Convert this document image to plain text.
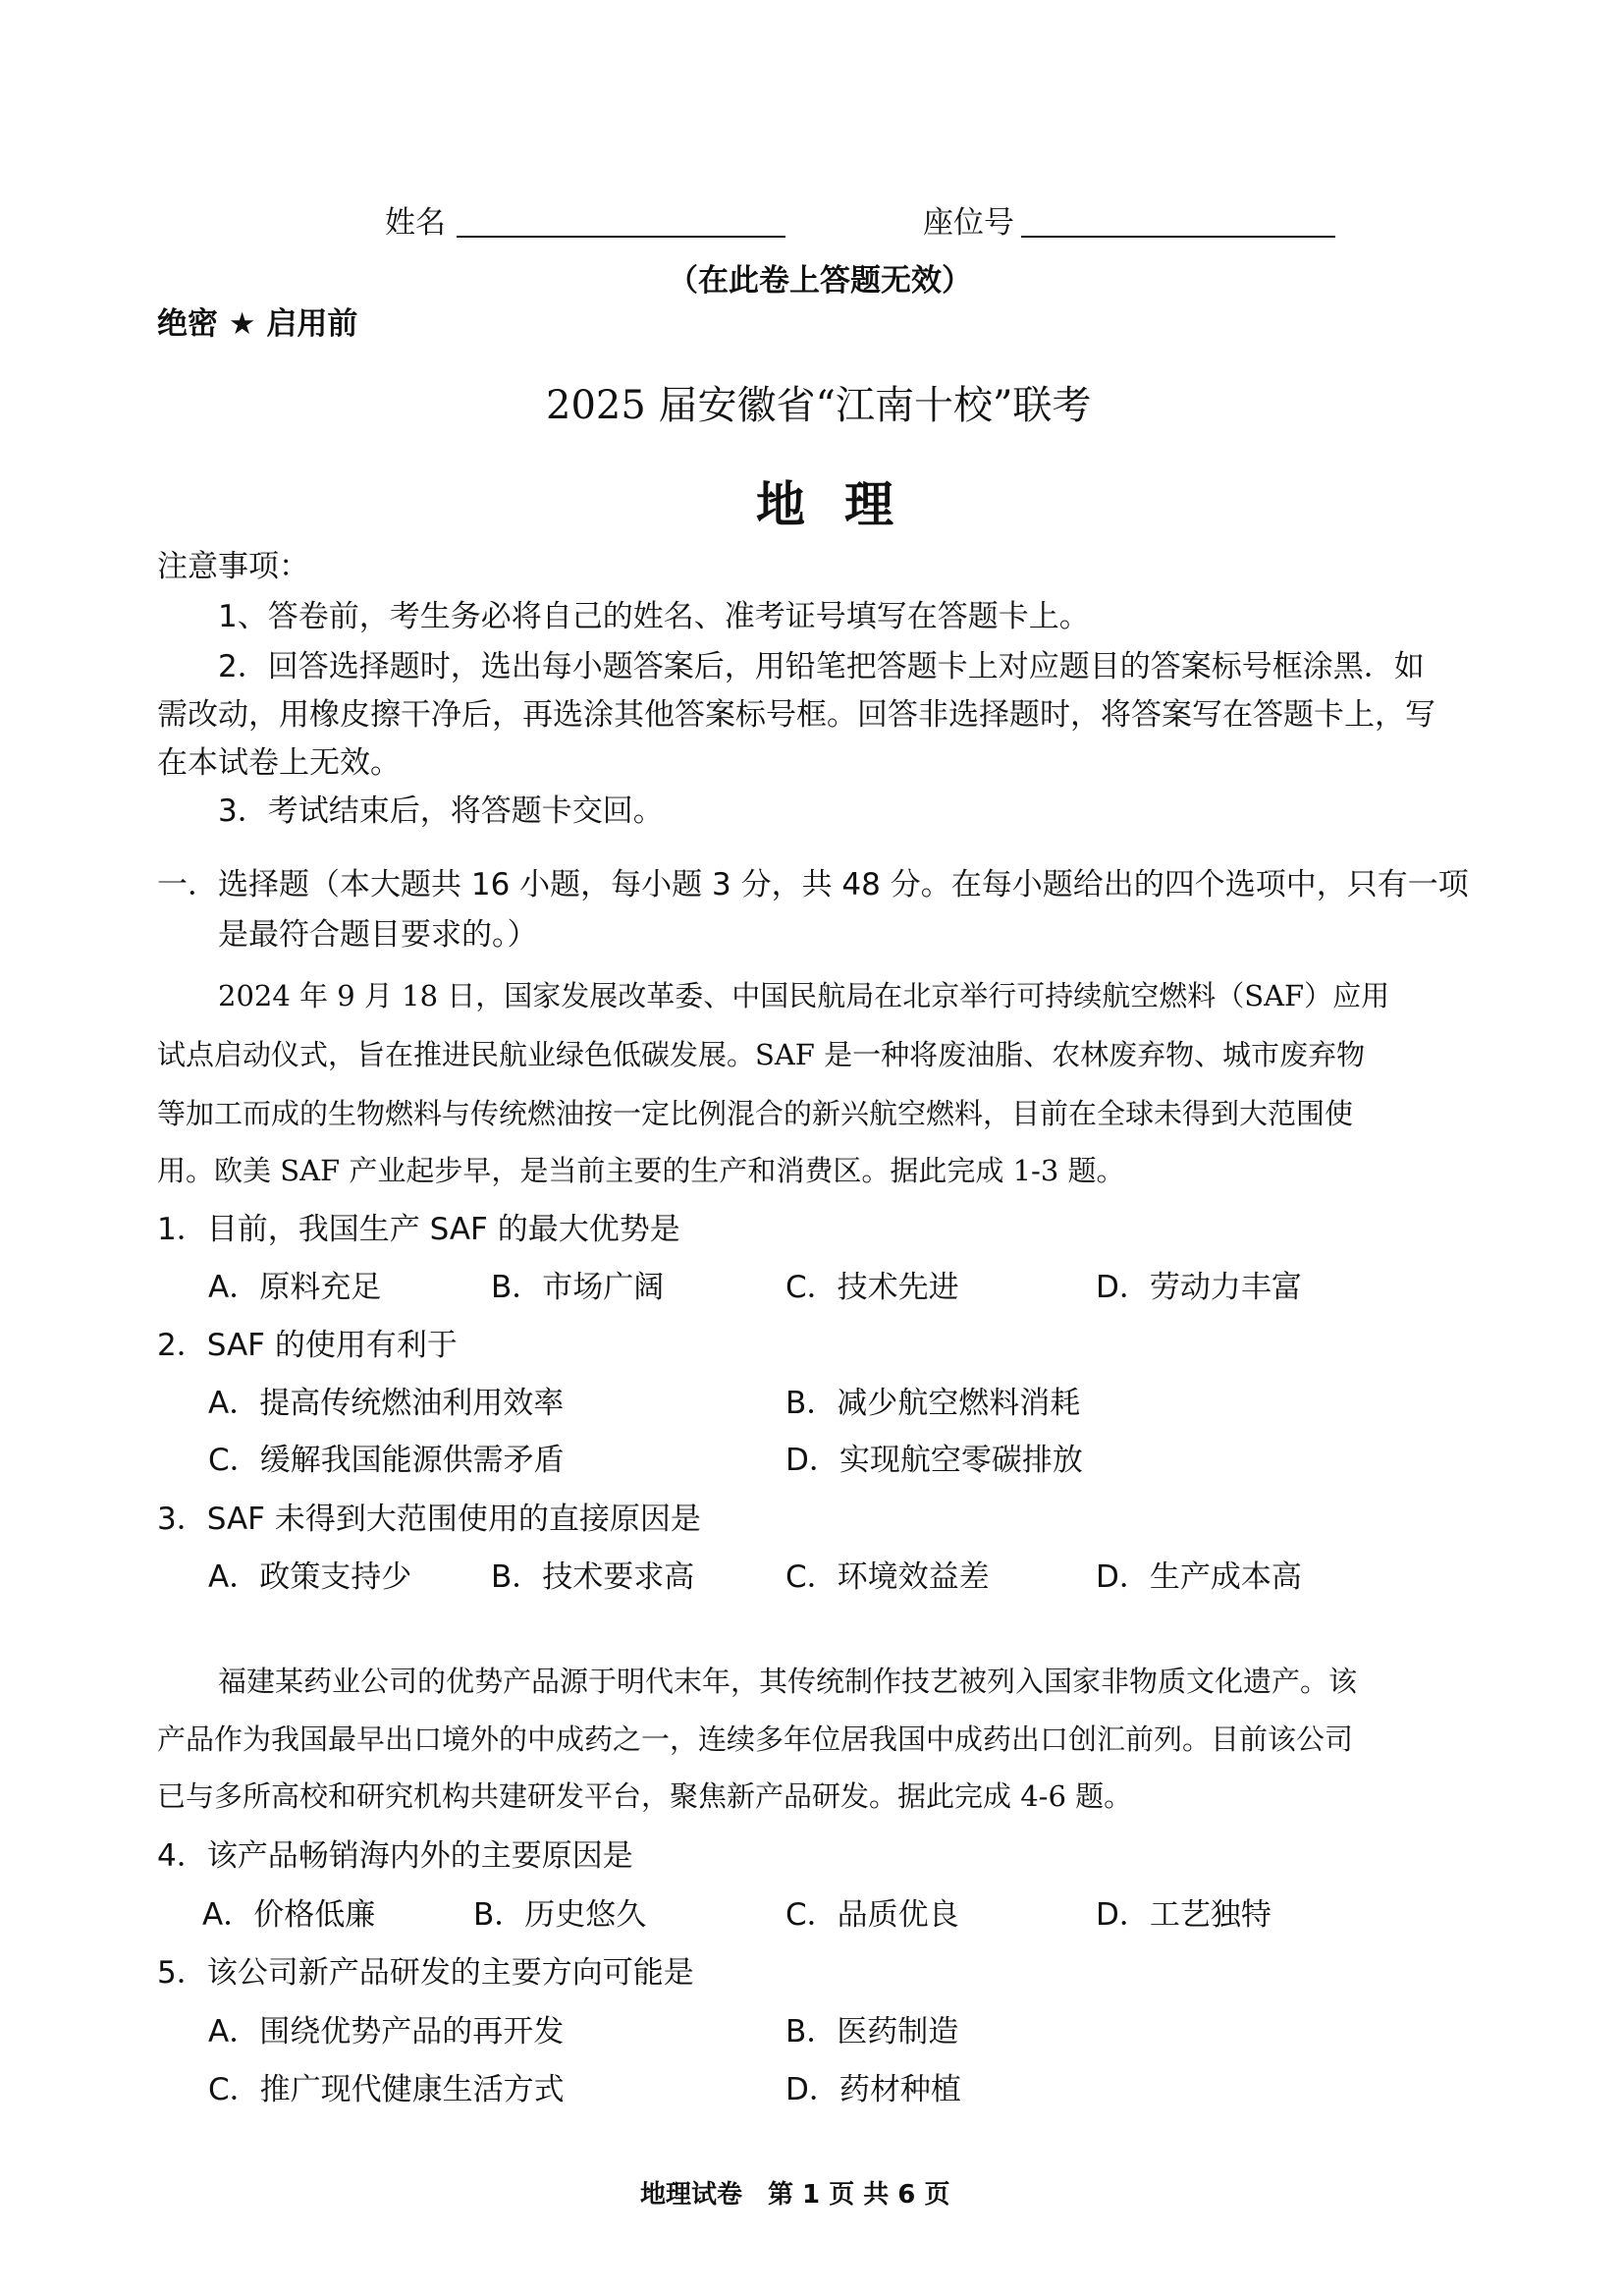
姓名	座位号
（在此卷上答题无效）
绝密 ★ 启用前
2025 届安徽省“江南十校”联考
地理
注意事项：
1、答卷前，考生务必将自己的姓名、准考证号填写在答题卡上。
2．回答选择题时，选出每小题答案后，用铅笔把答题卡上对应题目的答案标号框涂黑．如
需改动，用橡皮擦干净后，再选涂其他答案标号框。回答非选择题时，将答案写在答题卡上，写
在本试卷上无效。
3．考试结束后，将答题卡交回。
一．选择题（本大题共 16 小题，每小题 3 分，共 48 分。在每小题给出的四个选项中，只有一项
是最符合题目要求的。）
2024 年 9 月 18 日，国家发展改革委、中国民航局在北京举行可持续航空燃料（SAF）应用
试点启动仪式，旨在推进民航业绿色低碳发展。SAF 是一种将废油脂、农林废弃物、城市废弃物
等加工而成的生物燃料与传统燃油按一定比例混合的新兴航空燃料，目前在全球未得到大范围使
用。欧美 SAF 产业起步早，是当前主要的生产和消费区。据此完成 1-3 题。
1．目前，我国生产 SAF 的最大优势是
A．原料充足	B．市场广阔	C．技术先进	D．劳动力丰富
2．SAF 的使用有利于
A．提高传统燃油利用效率	B．减少航空燃料消耗
C．缓解我国能源供需矛盾	D．实现航空零碳排放
3．SAF 未得到大范围使用的直接原因是
A．政策支持少	B．技术要求高	C．环境效益差	D．生产成本高
福建某药业公司的优势产品源于明代末年，其传统制作技艺被列入国家非物质文化遗产。该
产品作为我国最早出口境外的中成药之一，连续多年位居我国中成药出口创汇前列。目前该公司
已与多所高校和研究机构共建研发平台，聚焦新产品研发。据此完成 4-6 题。
4．该产品畅销海内外的主要原因是
A．价格低廉	B．历史悠久	C．品质优良	D．工艺独特
5．该公司新产品研发的主要方向可能是
A．围绕优势产品的再开发	B．医药制造
C．推广现代健康生活方式	D．药材种植
地理试卷　第 1 页 共 6 页
